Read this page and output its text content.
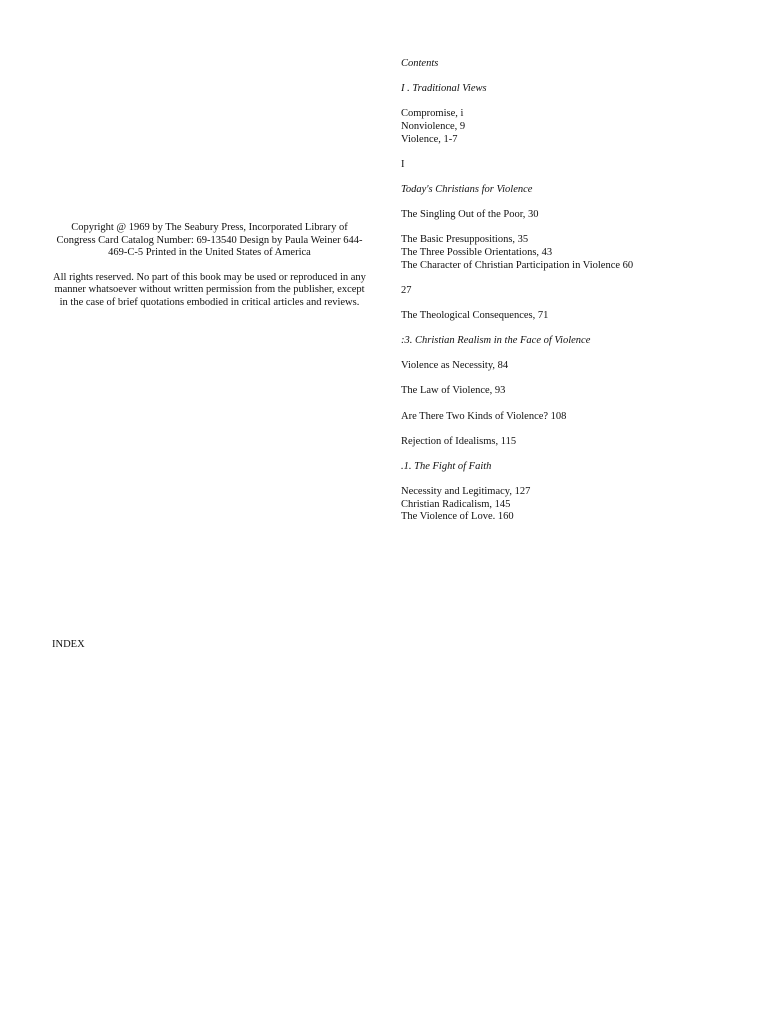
Copyright @ 1969 by The Seabury Press, Incorporated Library of Congress Card Catalog Number: 69-13540 Design by Paula Weiner 644-469-C-5 Printed in the United States of America

All rights reserved. No part of this book may be used or reproduced in any manner whatsoever without written permission from the publisher, except in the case of brief quotations embodied in critical articles and reviews.

INDEX
Contents
I . Traditional Views
Compromise, i
Nonviolence, 9
Violence, 1-7
I
Today's Christians for Violence
The Singling Out of the Poor, 30
The Basic Presuppositions, 35
The Three Possible Orientations, 43
The Character of Christian Participation in Violence 60
27
The Theological Consequences, 71
:3. Christian Realism in the Face of Violence
Violence as Necessity, 84
The Law of Violence, 93
Are There Two Kinds of Violence? 108
Rejection of Idealisms, 115
.1. The Fight of Faith
Necessity and Legitimacy, 127
Christian Radicalism, 145
The Violence of Love. 160
